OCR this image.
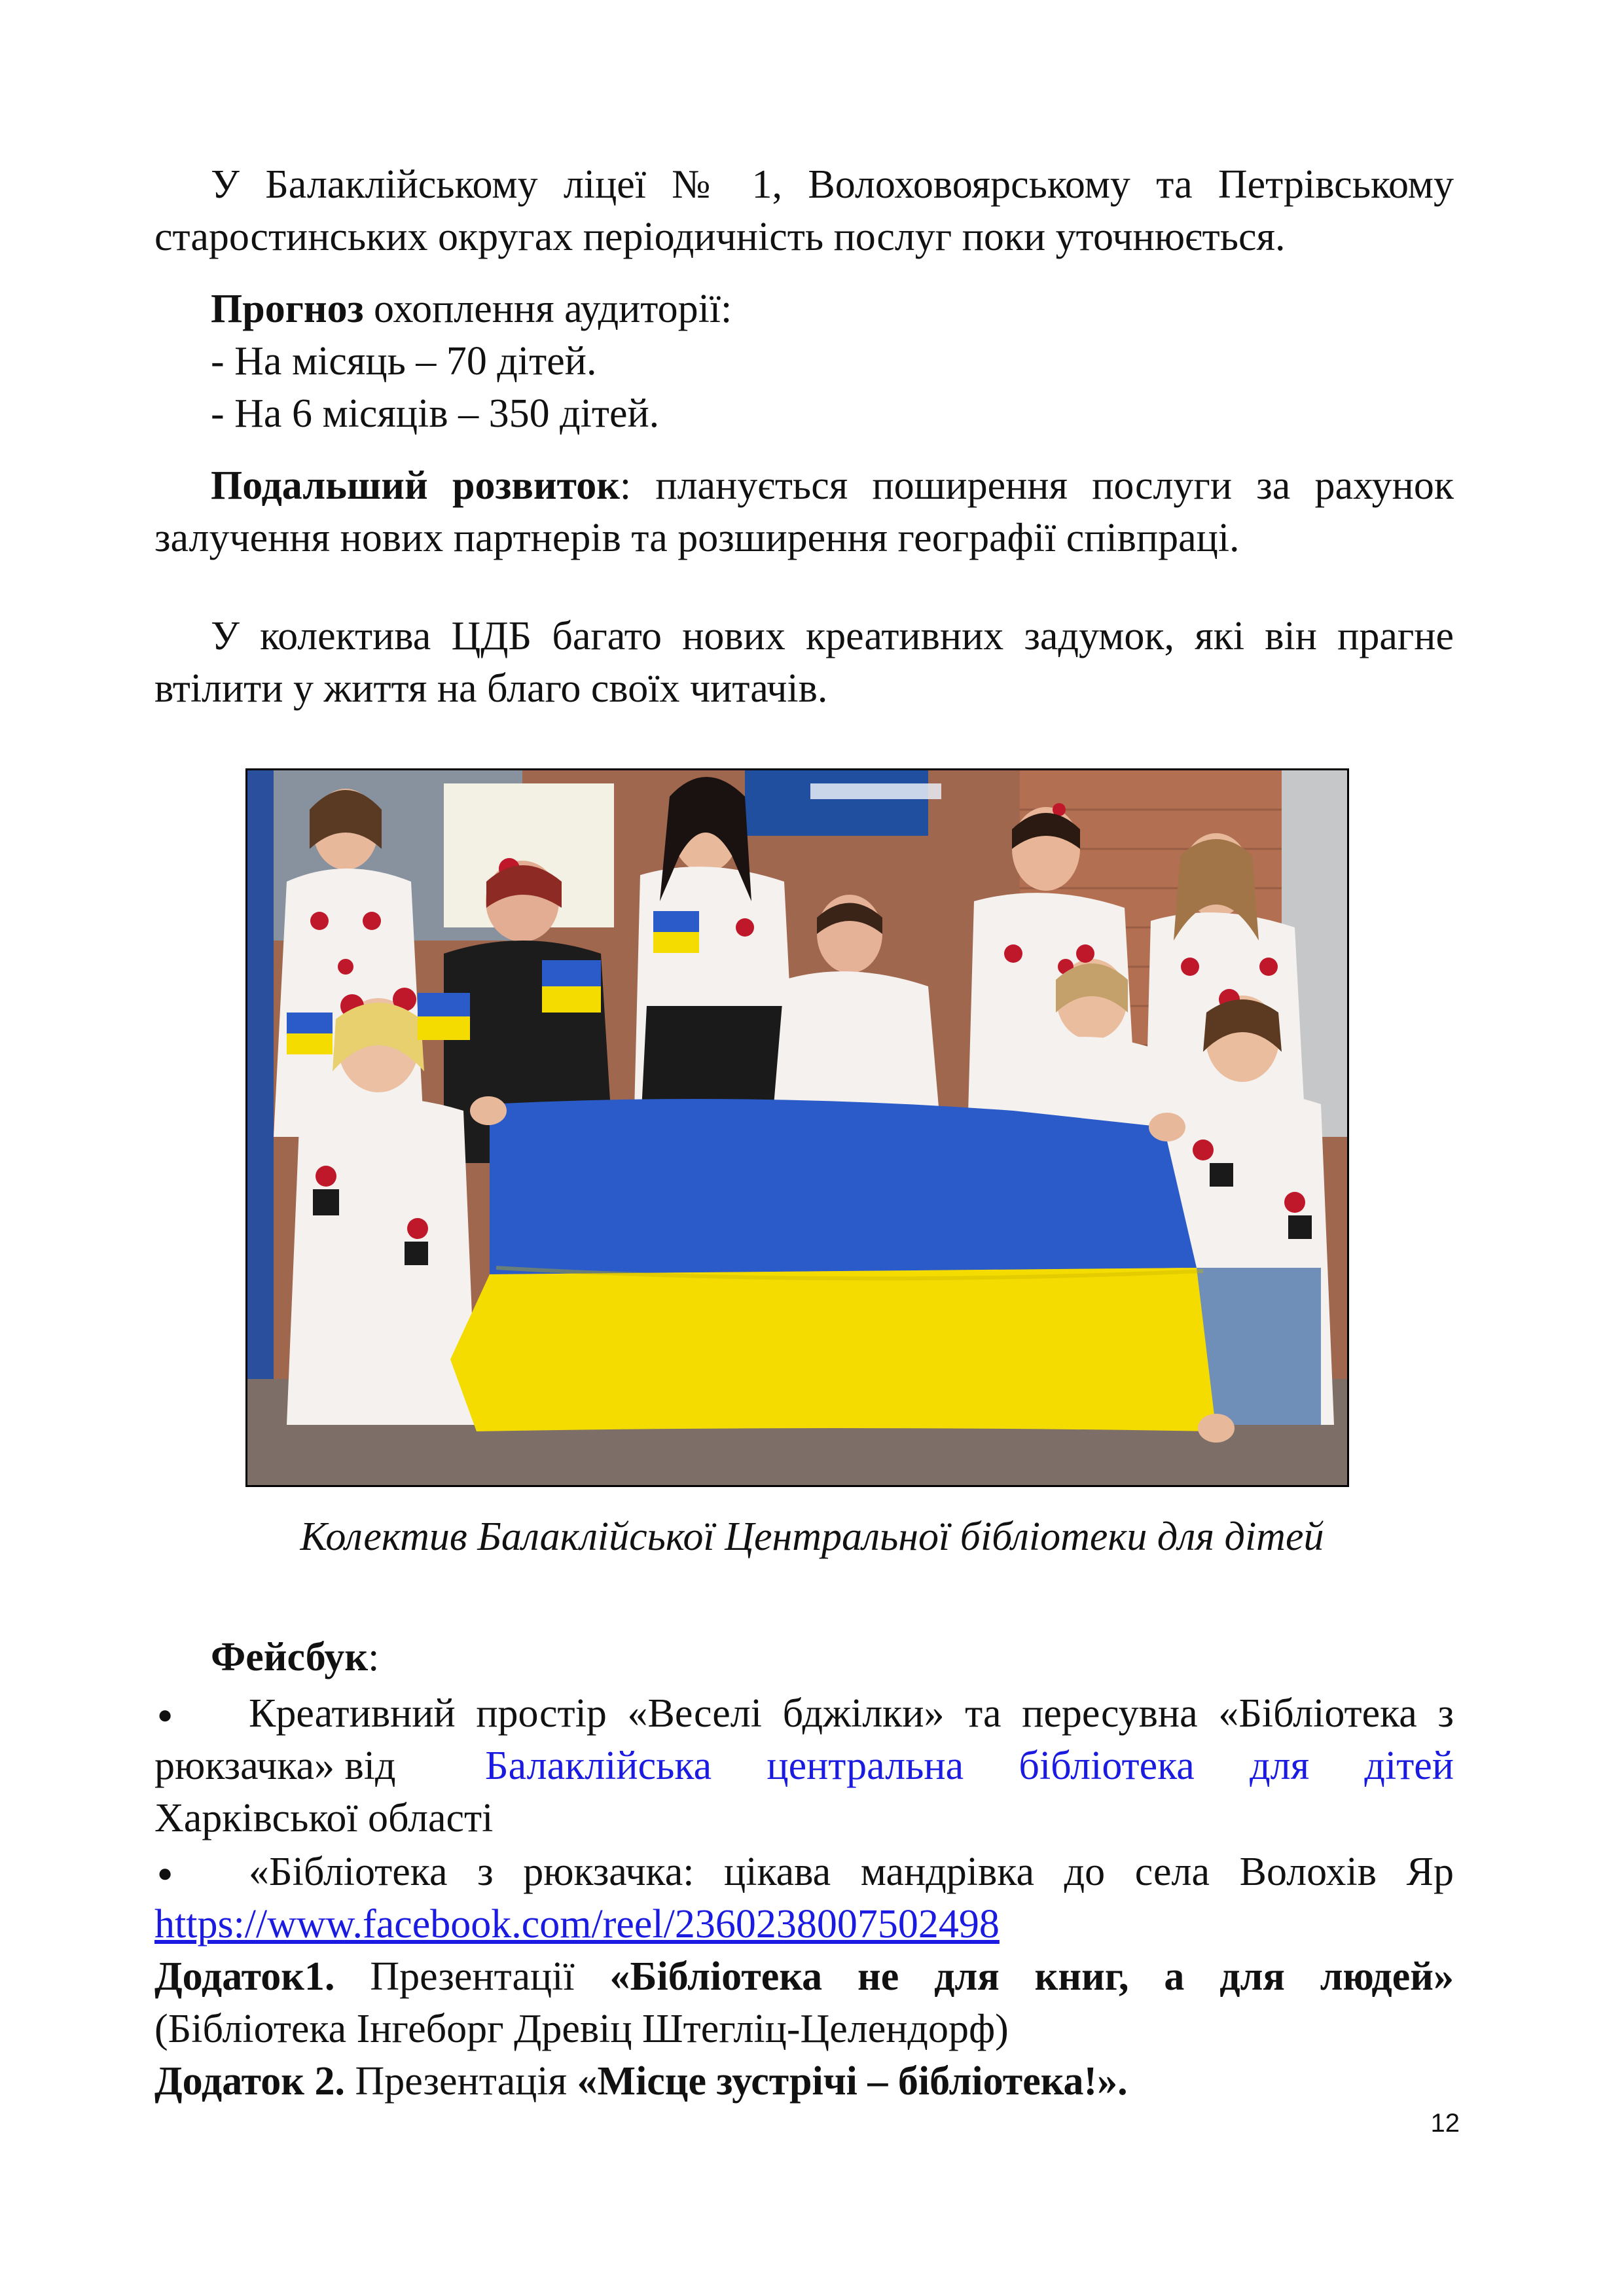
У Балаклійському ліцеї № 1, Волоховоярському та Петрівському
старостинських округах періодичність послуг поки уточнюється.
Прогноз охоплення аудиторії:
- На місяць – 70 дітей.
- На 6 місяців – 350 дітей.
Подальший розвиток: планується поширення послуги за рахунок
залучення нових партнерів та розширення географії співпраці.
У колектива ЦДБ багато нових креативних задумок, які він прагне
втілити у життя на благо своїх читачів.
Колектив Балаклійської Центральної бібліотеки для дітей
Фейсбук:
● Креативний простір «Веселі бджілки» та пересувна «Бібліотека з
рюкзачка» від Балаклійська центральна бібліотека для дітей
Харківської області
● «Бібліотека з рюкзачка: цікава мандрівка до села Волохів Яр
https://www.facebook.com/reel/2360238007502498
Додаток1. Презентації «Бібліотека не для книг, а для людей»
(Бібліотека Інгеборг Древіц Штегліц-Целендорф)
Додаток 2. Презентація «Місце зустрічі – бібліотека!».
12
